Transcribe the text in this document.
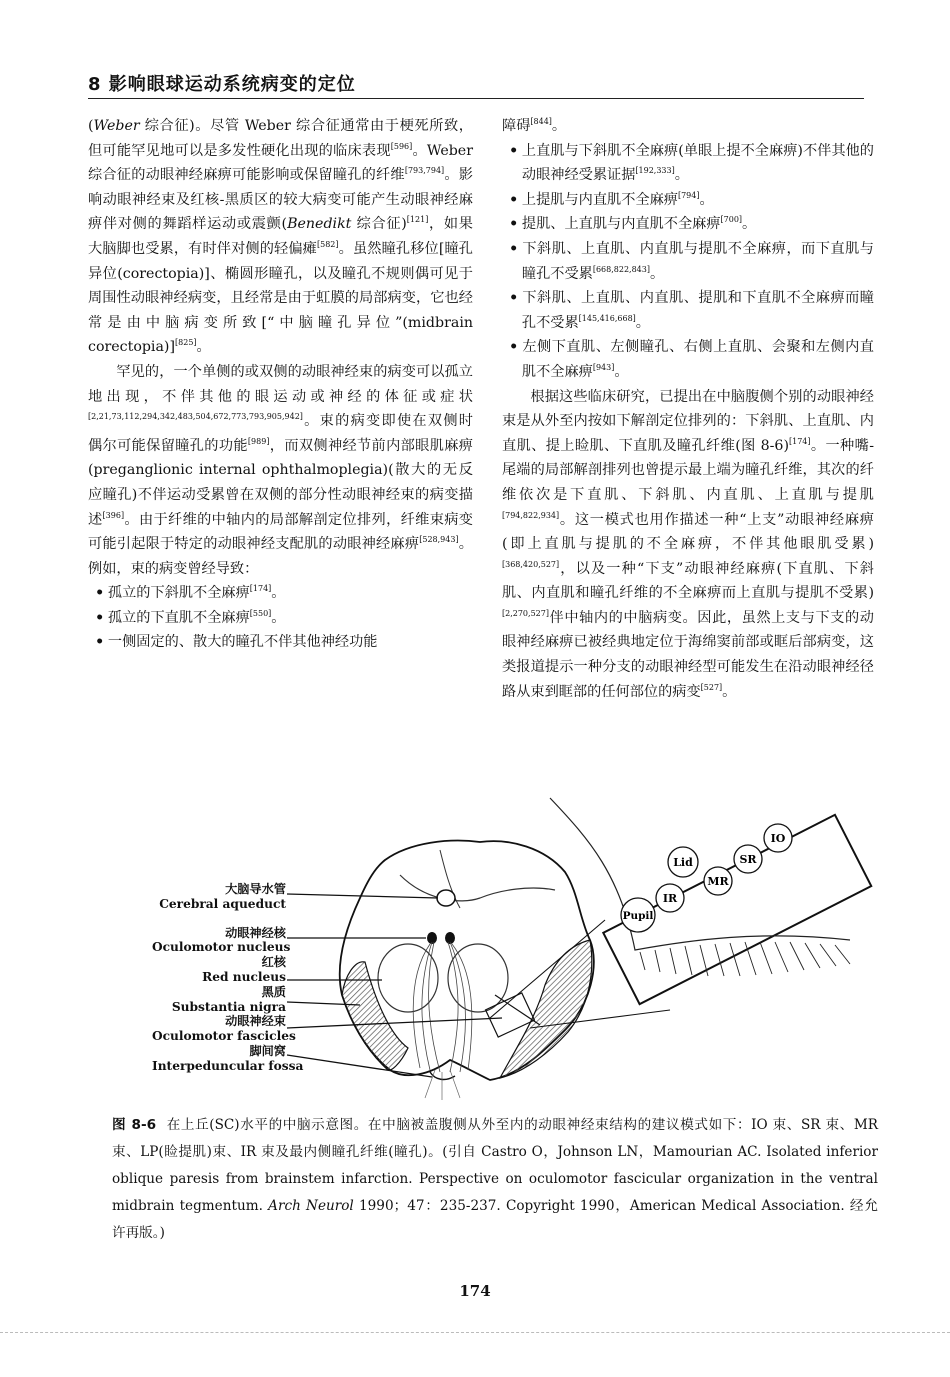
8 影响眼球运动系统病变的定位

(Weber 综合征)。尽管 Weber 综合征通常由于梗死所致，但可能罕见地可以是多发性硬化出现的临床表现[596]。Weber 综合征的动眼神经麻痹可能影响或保留瞳孔的纤维[793,794]。影响动眼神经束及红核-黑质区的较大病变可能产生动眼神经麻痹伴对侧的舞蹈样运动或震颤(Benedikt 综合征)[121]，如果大脑脚也受累，有时伴对侧的轻偏瘫[582]。虽然瞳孔移位[瞳孔异位(corectopia)]、椭圆形瞳孔，以及瞳孔不规则偶可见于周围性动眼神经病变，且经常是由于虹膜的局部病变，它也经常是由中脑病变所致[“中脑瞳孔异位”(midbrain corectopia)][825]。

罕见的，一个单侧的或双侧的动眼神经束的病变可以孤立地出现，不伴其他的眼运动或神经的体征或症状[2,21,73,112,294,342,483,504,672,773,793,905,942]。束的病变即使在双侧时偶尔可能保留瞳孔的功能[989]，而双侧神经节前内部眼肌麻痹(preganglionic internal ophthalmoplegia)(散大的无反应瞳孔)不伴运动受累曾在双侧的部分性动眼神经束的病变描述[396]。由于纤维的中轴内的局部解剖定位排列，纤维束病变可能引起限于特定的动眼神经支配肌的动眼神经麻痹[528,943]。例如，束的病变曾经导致：

• 孤立的下斜肌不全麻痹[174]。

• 孤立的下直肌不全麻痹[550]。

• 一侧固定的、散大的瞳孔不伴其他神经功能

障碍[844]。

• 上直肌与下斜肌不全麻痹(单眼上提不全麻痹)不伴其他的动眼神经受累证据[192,333]。

• 上提肌与内直肌不全麻痹[794]。

• 提肌、上直肌与内直肌不全麻痹[700]。

• 下斜肌、上直肌、内直肌与提肌不全麻痹，而下直肌与瞳孔不受累[668,822,843]。

• 下斜肌、上直肌、内直肌、提肌和下直肌不全麻痹而瞳孔不受累[145,416,668]。

• 左侧下直肌、左侧瞳孔、右侧上直肌、会聚和左侧内直肌不全麻痹[943]。

根据这些临床研究，已提出在中脑腹侧个别的动眼神经束是从外至内按如下解剖定位排列的：下斜肌、上直肌、内直肌、提上睑肌、下直肌及瞳孔纤维(图 8-6)[174]。一种嘴-尾端的局部解剖排列也曾提示最上端为瞳孔纤维，其次的纤维依次是下直肌、下斜肌、内直肌、上直肌与提肌[794,822,934]。这一模式也用作描述一种“上支”动眼神经麻痹(即上直肌与提肌的不全麻痹，不伴其他眼肌受累)[368,420,527]，以及一种“下支”动眼神经麻痹(下直肌、下斜肌、内直肌和瞳孔纤维的不全麻痹而上直肌与提肌不受累)[2,270,527]伴中轴内的中脑病变。因此，虽然上支与下支的动眼神经麻痹已被经典地定位于海绵窦前部或眶后部病变，这类报道提示一种分支的动眼神经型可能发生在沿动眼神经径路从束到眶部的任何部位的病变[527]。

IO
SR
Lid
MR
IR
Pupil
大脑导水管
Cerebral aqueduct
动眼神经核
Oculomotor nucleus
红核
Red nucleus
黑质
Substantia nigra
动眼神经束
Oculomotor fascicles
脚间窝
Interpeduncular fossa
图 8-6 在上丘(SC)水平的中脑示意图。在中脑被盖腹侧从外至内的动眼神经束结构的建议模式如下：IO 束、SR 束、MR 束、LP(睑提肌)束、IR 束及最内侧瞳孔纤维(瞳孔)。(引自 Castro O，Johnson LN，Mamourian AC. Isolated inferior oblique paresis from brainstem infarction. Perspective on oculomotor fascicular organization in the ventral midbrain tegmentum. Arch Neurol 1990；47：235-237. Copyright 1990，American Medical Association. 经允许再版。)
174
